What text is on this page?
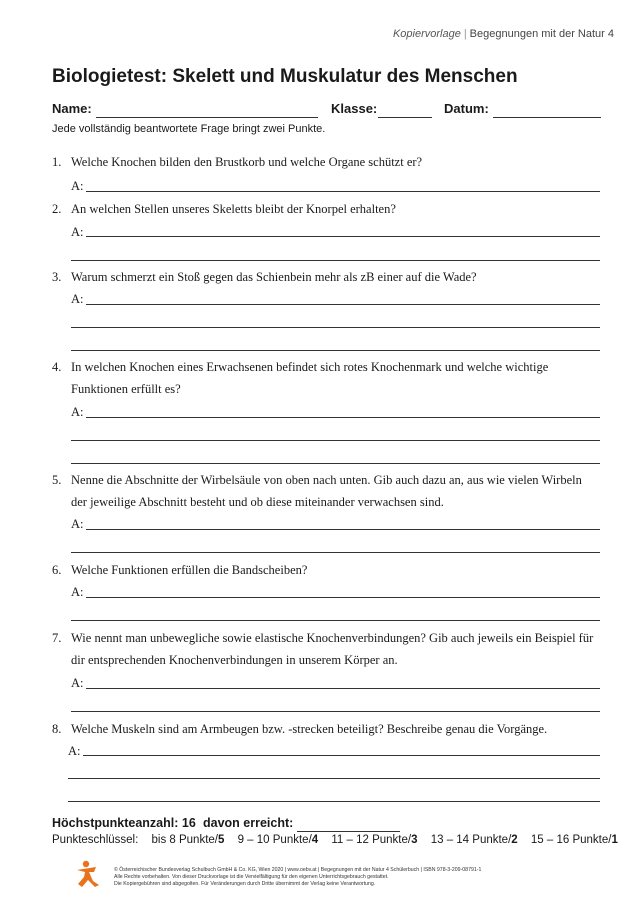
Kopiervorlage | Begegnungen mit der Natur 4
Biologietest: Skelett und Muskulatur des Menschen
Name:	Klasse:	Datum:
Jede vollständig beantwortete Frage bringt zwei Punkte.
1. Welche Knochen bilden den Brustkorb und welche Organe schützt er?
A:
2. An welchen Stellen unseres Skeletts bleibt der Knorpel erhalten?
A:
3. Warum schmerzt ein Stoß gegen das Schienbein mehr als zB einer auf die Wade?
A:
4. In welchen Knochen eines Erwachsenen befindet sich rotes Knochenmark und welche wichtige
Funktionen erfüllt es?
A:
5. Nenne die Abschnitte der Wirbelsäule von oben nach unten. Gib auch dazu an, aus wie vielen Wirbeln
der jeweilige Abschnitt besteht und ob diese miteinander verwachsen sind.
A:
6. Welche Funktionen erfüllen die Bandscheiben?
A:
7. Wie nennt man unbewegliche sowie elastische Knochenverbindungen? Gib auch jeweils ein Beispiel für
dir entsprechenden Knochenverbindungen in unserem Körper an.
A:
8. Welche Muskeln sind am Armbeugen bzw. -strecken beteiligt? Beschreibe genau die Vorgänge.
A:
Höchstpunkteanzahl: 16 davon erreicht:
Punkteschlüssel: bis 8 Punkte/5 9 – 10 Punkte/4 11 – 12 Punkte/3 13 – 14 Punkte/2 15 – 16 Punkte/1
© Österreichischer Bundesverlag Schulbuch GmbH & Co. KG, Wien 2020 | www.oebv.at | Begegnungen mit der Natur 4 Schülerbuch | ISBN 978-3-209-08791-1
Alle Rechte vorbehalten. Von dieser Druckvorlage ist die Vervielfältigung für den eigenen Unterrichtsgebrauch gestattet.
Die Kopiergebühren sind abgegolten. Für Veränderungen durch Dritte übernimmt der Verlag keine Verantwortung.
